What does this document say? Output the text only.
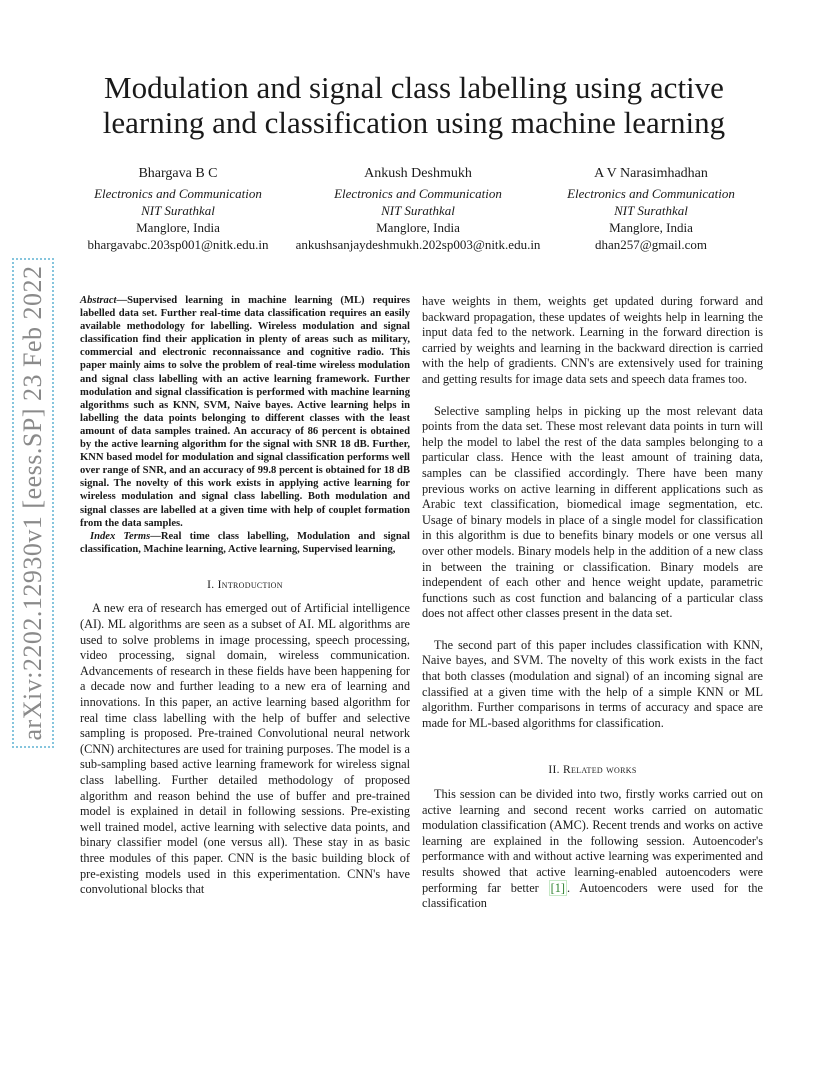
arXiv:2202.12930v1 [eess.SP] 23 Feb 2022
Modulation and signal class labelling using active learning and classification using machine learning
Bhargava B C
Electronics and Communication
NIT Surathkal
Manglore, India
bhargavabc.203sp001@nitk.edu.in
Ankush Deshmukh
Electronics and Communication
NIT Surathkal
Manglore, India
ankushsanjaydeshmukh.202sp003@nitk.edu.in
A V Narasimhadhan
Electronics and Communication
NIT Surathkal
Manglore, India
dhan257@gmail.com

Abstract—Supervised learning in machine learning (ML) requires labelled data set. Further real-time data classification requires an easily available methodology for labelling. Wireless modulation and signal classification find their application in plenty of areas such as military, commercial and electronic reconnaissance and cognitive radio. This paper mainly aims to solve the problem of real-time wireless modulation and signal class labelling with an active learning framework. Further modulation and signal classification is performed with machine learning algorithms such as KNN, SVM, Naive bayes. Active learning helps in labelling the data points belonging to different classes with the least amount of data samples trained. An accuracy of 86 percent is obtained by the active learning algorithm for the signal with SNR 18 dB. Further, KNN based model for modulation and signal classification performs well over range of SNR, and an accuracy of 99.8 percent is obtained for 18 dB signal. The novelty of this work exists in applying active learning for wireless modulation and signal class labelling. Both modulation and signal classes are labelled at a given time with help of couplet formation from the data samples.

Index Terms—Real time class labelling, Modulation and signal classification, Machine learning, Active learning, Supervised learning,

I. Introduction

A new era of research has emerged out of Artificial intelligence (AI). ML algorithms are seen as a subset of AI. ML algorithms are used to solve problems in image processing, speech processing, video processing, signal domain, wireless communication. Advancements of research in these fields have been happening for a decade now and further leading to a new era of learning and innovations. In this paper, an active learning based algorithm for real time class labelling with the help of buffer and selective sampling is proposed. Pre-trained Convolutional neural network (CNN) architectures are used for training purposes. The model is a sub-sampling based active learning framework for wireless signal class labelling. Further detailed methodology of proposed algorithm and reason behind the use of buffer and pre-trained model is explained in detail in following sessions. Pre-existing well trained model, active learning with selective data points, and binary classifier model (one versus all). These stay in as basic three modules of this paper. CNN is the basic building block of pre-existing models used in this experimentation. CNN's have convolutional blocks that

have weights in them, weights get updated during forward and backward propagation, these updates of weights help in learning the input data fed to the network. Learning in the forward direction is carried by weights and learning in the backward direction is carried with the help of gradients. CNN's are extensively used for training and getting results for image data sets and speech data frames too.

Selective sampling helps in picking up the most relevant data points from the data set. These most relevant data points in turn will help the model to label the rest of the data samples belonging to a particular class. Hence with the least amount of training data, samples can be classified accordingly. There have been many previous works on active learning in different applications such as Arabic text classification, biomedical image segmentation, etc. Usage of binary models in place of a single model for classification in this algorithm is due to benefits binary models or one versus all over other models. Binary models help in the addition of a new class in between the training or classification. Binary models are independent of each other and hence weight update, parametric functions such as cost function and balancing of a particular class does not affect other classes present in the data set.

The second part of this paper includes classification with KNN, Naive bayes, and SVM. The novelty of this work exists in the fact that both classes (modulation and signal) of an incoming signal are classified at a given time with the help of a simple KNN or ML algorithm. Further comparisons in terms of accuracy and space are made for ML-based algorithms for classification.

II. Related works

This session can be divided into two, firstly works carried out on active learning and second recent works carried on automatic modulation classification (AMC). Recent trends and works on active learning are explained in the following session. Autoencoder's performance with and without active learning was experimented and results showed that active learning-enabled autoencoders were performing far better [1] . Autoencoders were used for the classification
